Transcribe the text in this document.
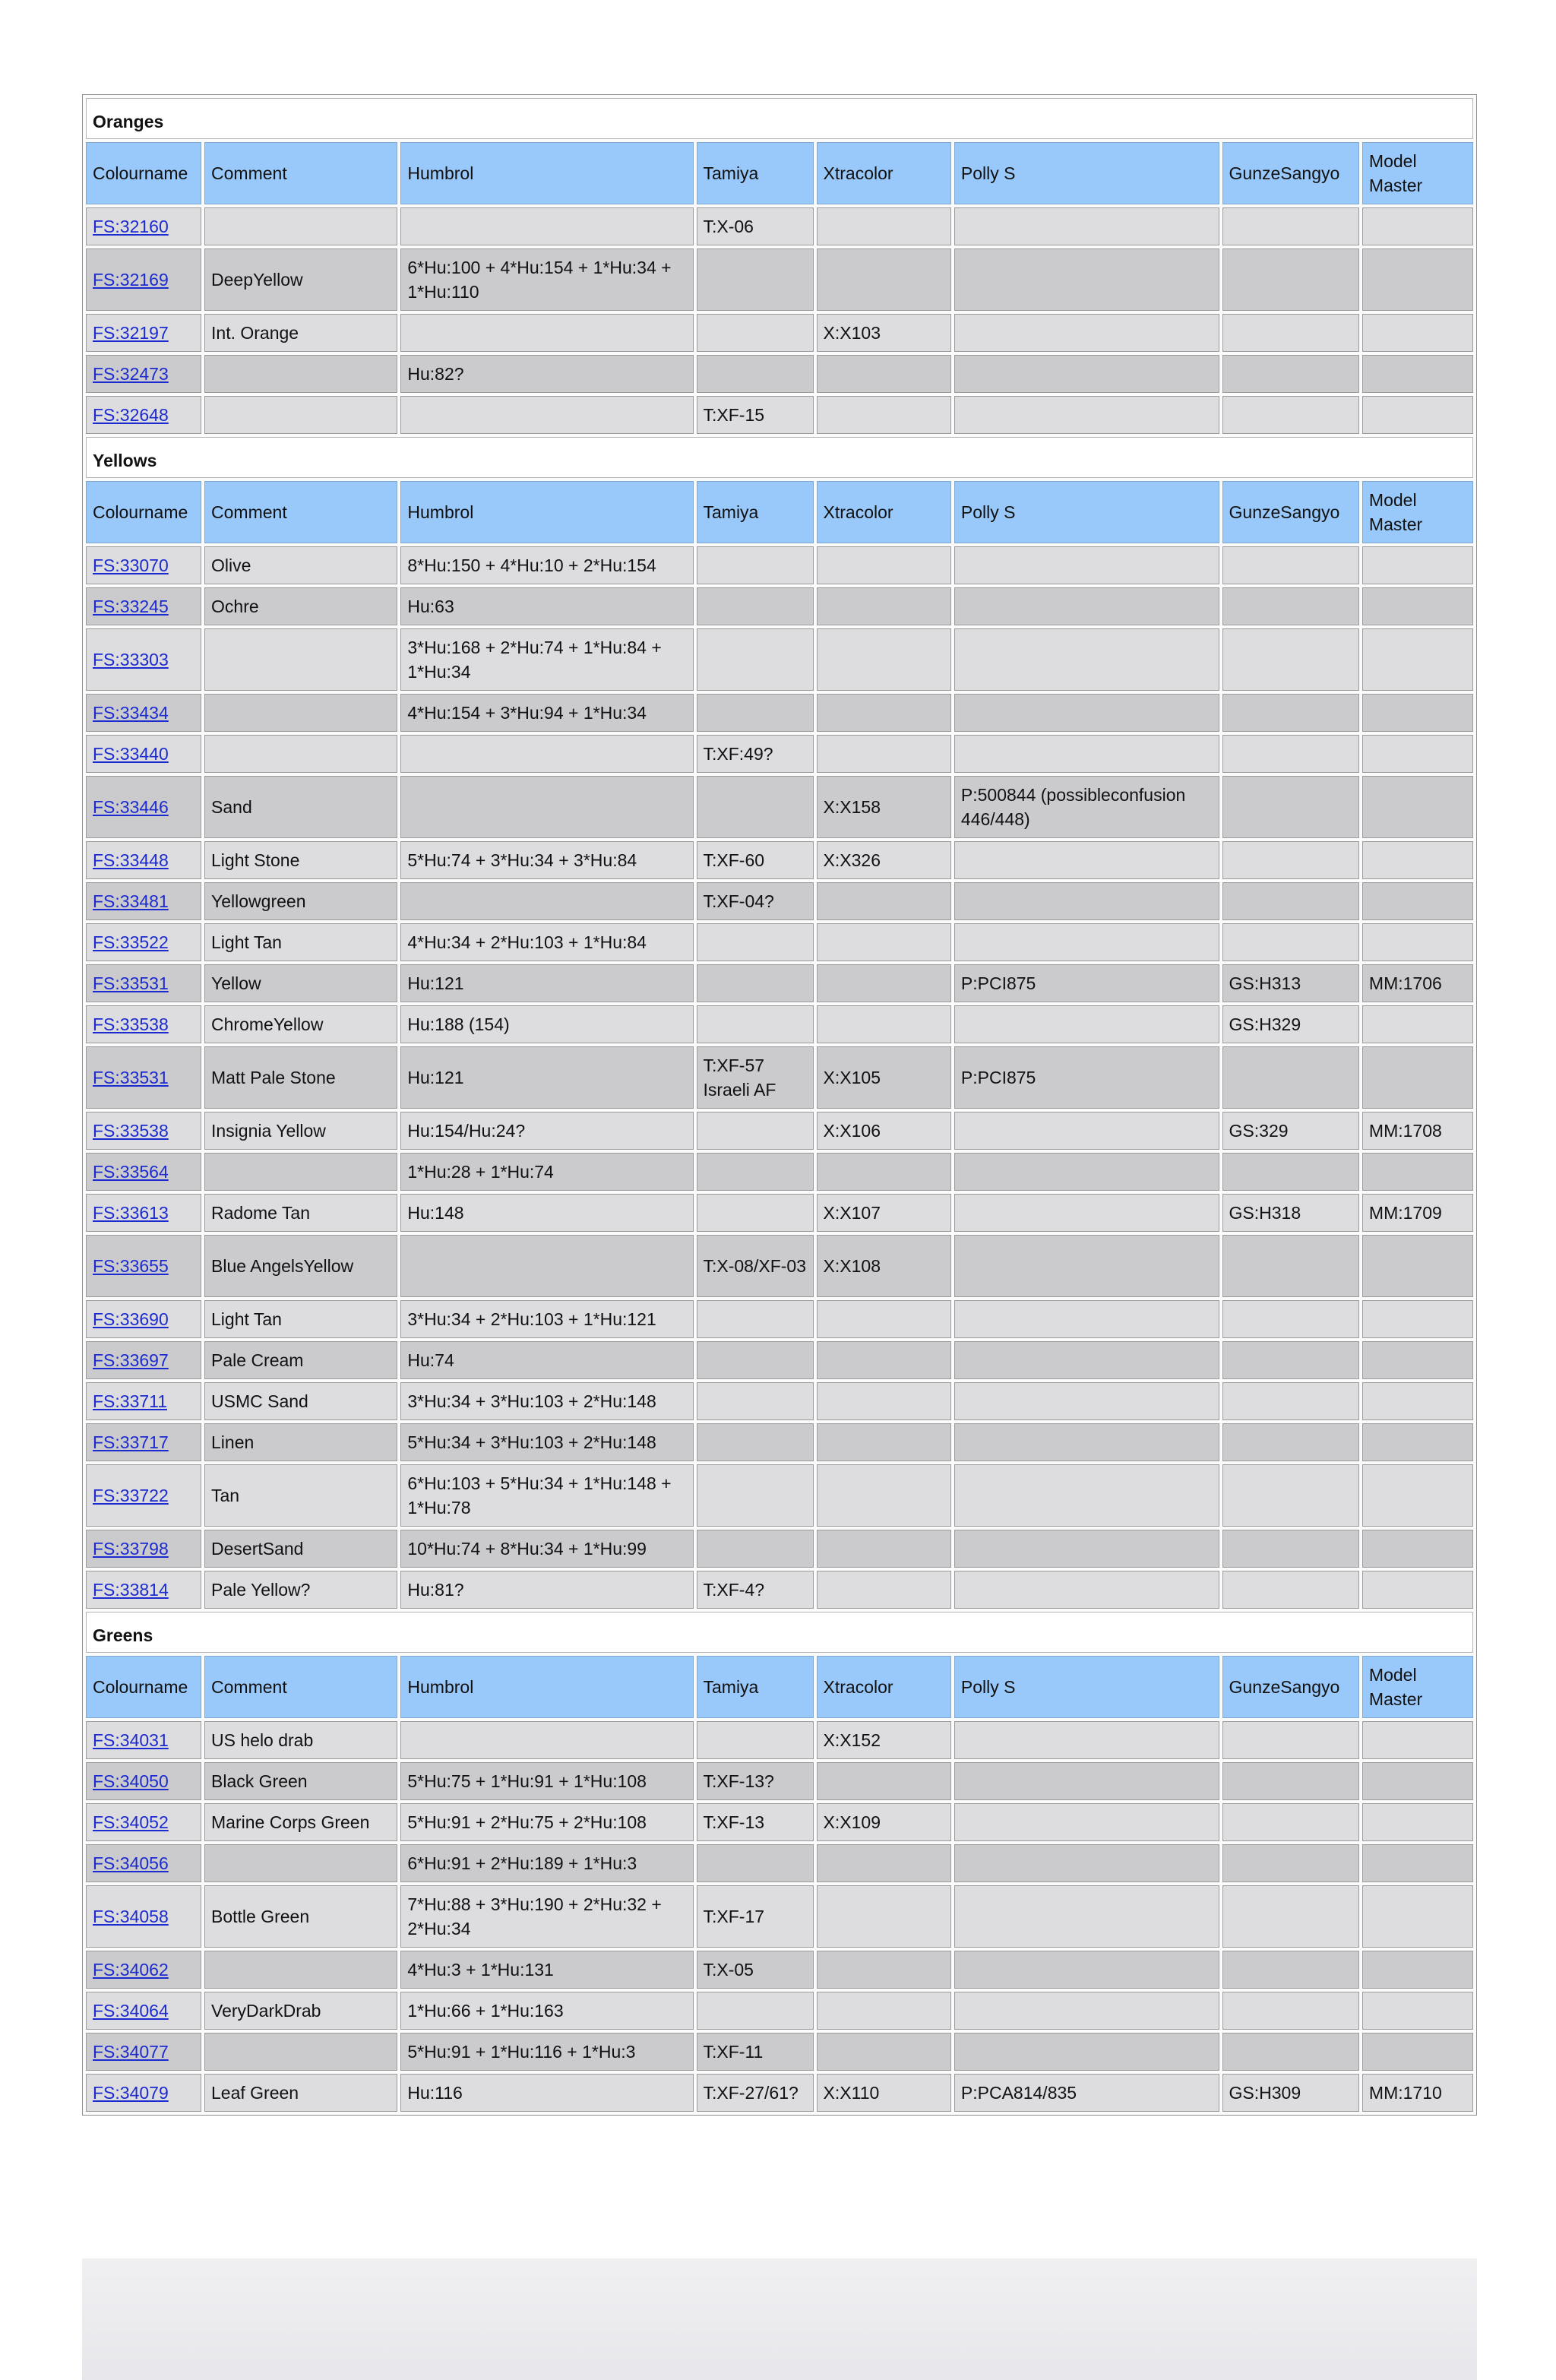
Oranges							
Colourname	Comment	Humbrol	Tamiya	Xtracolor	Polly S	GunzeSangyo	Model Master
FS:32160			T:X-06				
FS:32169	DeepYellow	6*Hu:100 + 4*Hu:154 + 1*Hu:34 + 1*Hu:110					
FS:32197	Int. Orange			X:X103			
FS:32473		Hu:82?					
FS:32648			T:XF-15				
Yellows							
Colourname	Comment	Humbrol	Tamiya	Xtracolor	Polly S	GunzeSangyo	Model Master
FS:33070	Olive	8*Hu:150 + 4*Hu:10 + 2*Hu:154					
FS:33245	Ochre	Hu:63					
FS:33303		3*Hu:168 + 2*Hu:74 + 1*Hu:84 + 1*Hu:34					
FS:33434		4*Hu:154 + 3*Hu:94 + 1*Hu:34					
FS:33440			T:XF:49?				
FS:33446	Sand			X:X158	P:500844 (possibleconfusion 446/448)		
FS:33448	Light Stone	5*Hu:74 + 3*Hu:34 + 3*Hu:84	T:XF-60	X:X326			
FS:33481	Yellowgreen		T:XF-04?				
FS:33522	Light Tan	4*Hu:34 + 2*Hu:103 + 1*Hu:84					
FS:33531	Yellow	Hu:121			P:PCI875	GS:H313	MM:1706
FS:33538	ChromeYellow	Hu:188 (154)				GS:H329	
FS:33531	Matt Pale Stone	Hu:121	T:XF-57 Israeli AF	X:X105	P:PCI875		
FS:33538	Insignia Yellow	Hu:154/Hu:24?		X:X106		GS:329	MM:1708
FS:33564		1*Hu:28 + 1*Hu:74					
FS:33613	Radome Tan	Hu:148		X:X107		GS:H318	MM:1709
FS:33655	Blue AngelsYellow		T:X-08/XF-03	X:X108			
FS:33690	Light Tan	3*Hu:34 + 2*Hu:103 + 1*Hu:121					
FS:33697	Pale Cream	Hu:74					
FS:33711	USMC Sand	3*Hu:34 + 3*Hu:103 + 2*Hu:148					
FS:33717	Linen	5*Hu:34 + 3*Hu:103 + 2*Hu:148					
FS:33722	Tan	6*Hu:103 + 5*Hu:34 + 1*Hu:148 + 1*Hu:78					
FS:33798	DesertSand	10*Hu:74 + 8*Hu:34 + 1*Hu:99					
FS:33814	Pale Yellow?	Hu:81?	T:XF-4?				
Greens							
Colourname	Comment	Humbrol	Tamiya	Xtracolor	Polly S	GunzeSangyo	Model Master
FS:34031	US helo drab			X:X152			
FS:34050	Black Green	5*Hu:75 + 1*Hu:91 + 1*Hu:108	T:XF-13?				
FS:34052	Marine Corps Green	5*Hu:91 + 2*Hu:75 + 2*Hu:108	T:XF-13	X:X109			
FS:34056		6*Hu:91 + 2*Hu:189 + 1*Hu:3					
FS:34058	Bottle Green	7*Hu:88 + 3*Hu:190 + 2*Hu:32 + 2*Hu:34	T:XF-17				
FS:34062		4*Hu:3 + 1*Hu:131	T:X-05				
FS:34064	VeryDarkDrab	1*Hu:66 + 1*Hu:163					
FS:34077		5*Hu:91 + 1*Hu:116 + 1*Hu:3	T:XF-11				
FS:34079	Leaf Green	Hu:116	T:XF-27/61?	X:X110	P:PCA814/835	GS:H309	MM:1710
